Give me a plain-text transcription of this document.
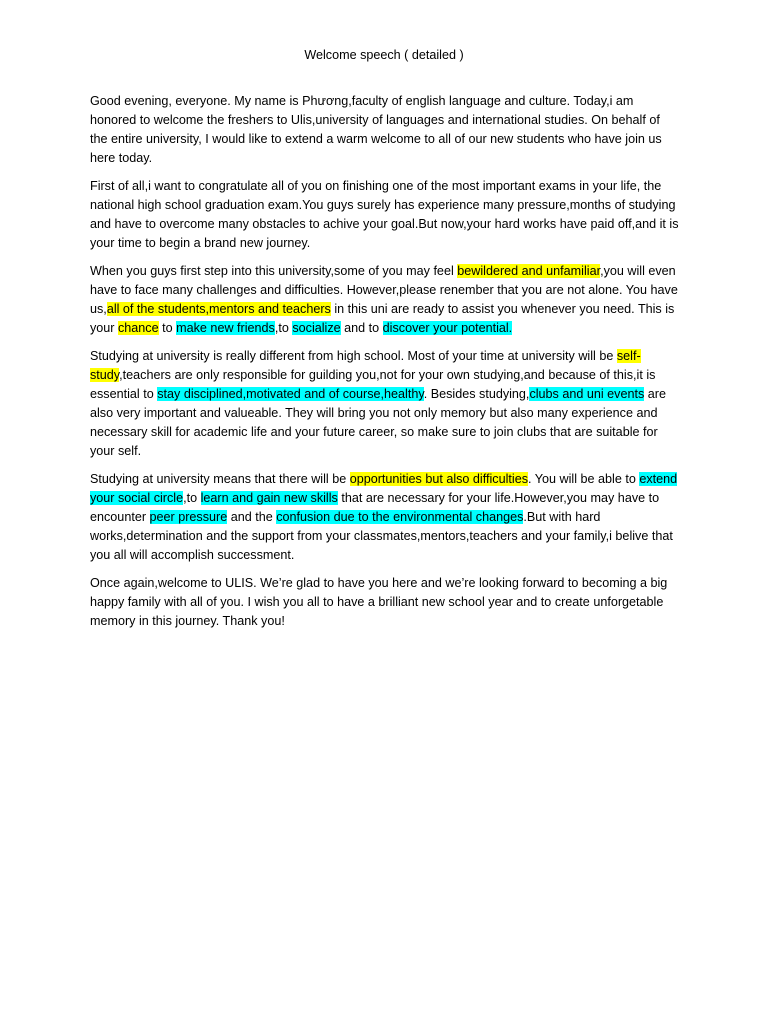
Welcome speech ( detailed )

Good evening, everyone. My name is Phương,faculty of english language and culture. Today,i am honored to welcome the freshers to Ulis,university of languages and international studies. On behalf of the entire university, I would like to extend a warm welcome to all of our new students who have join us here today.

First of all,i want to congratulate all of you on finishing one of the most important exams in your life, the national high school graduation exam.You guys surely has experience many pressure,months of studying and have to overcome many obstacles to achive your goal.But now,your hard works have paid off,and it is your time to begin a brand new journey.

When you guys first step into this university,some of you may feel bewildered and unfamiliar,you will even have to face many challenges and difficulties. However,please renember that you are not alone. You have us,all of the students,mentors and teachers in this uni are ready to assist you whenever you need. This is your chance to make new friends,to socialize and to discover your potential.

Studying at university is really different from high school. Most of your time at university will be self-study,teachers are only responsible for guilding you,not for your own studying,and because of this,it is essential to stay disciplined,motivated and of course,healthy. Besides studying,clubs and uni events are also very important and valueable. They will bring you not only memory but also many experience and necessary skill for academic life and your future career, so make sure to join clubs that are suitable for your self.

Studying at university means that there will be opportunities but also difficulties. You will be able to extend your social circle,to learn and gain new skills that are necessary for your life.However,you may have to encounter peer pressure and the confusion due to the environmental changes.But with hard works,determination and the support from your classmates,mentors,teachers and your family,i belive that you all will accomplish successment.

Once again,welcome to ULIS. We’re glad to have you here and we’re looking forward to becoming a big happy family with all of you. I wish you all to have a brilliant new school year and to create unforgetable memory in this journey. Thank you!
